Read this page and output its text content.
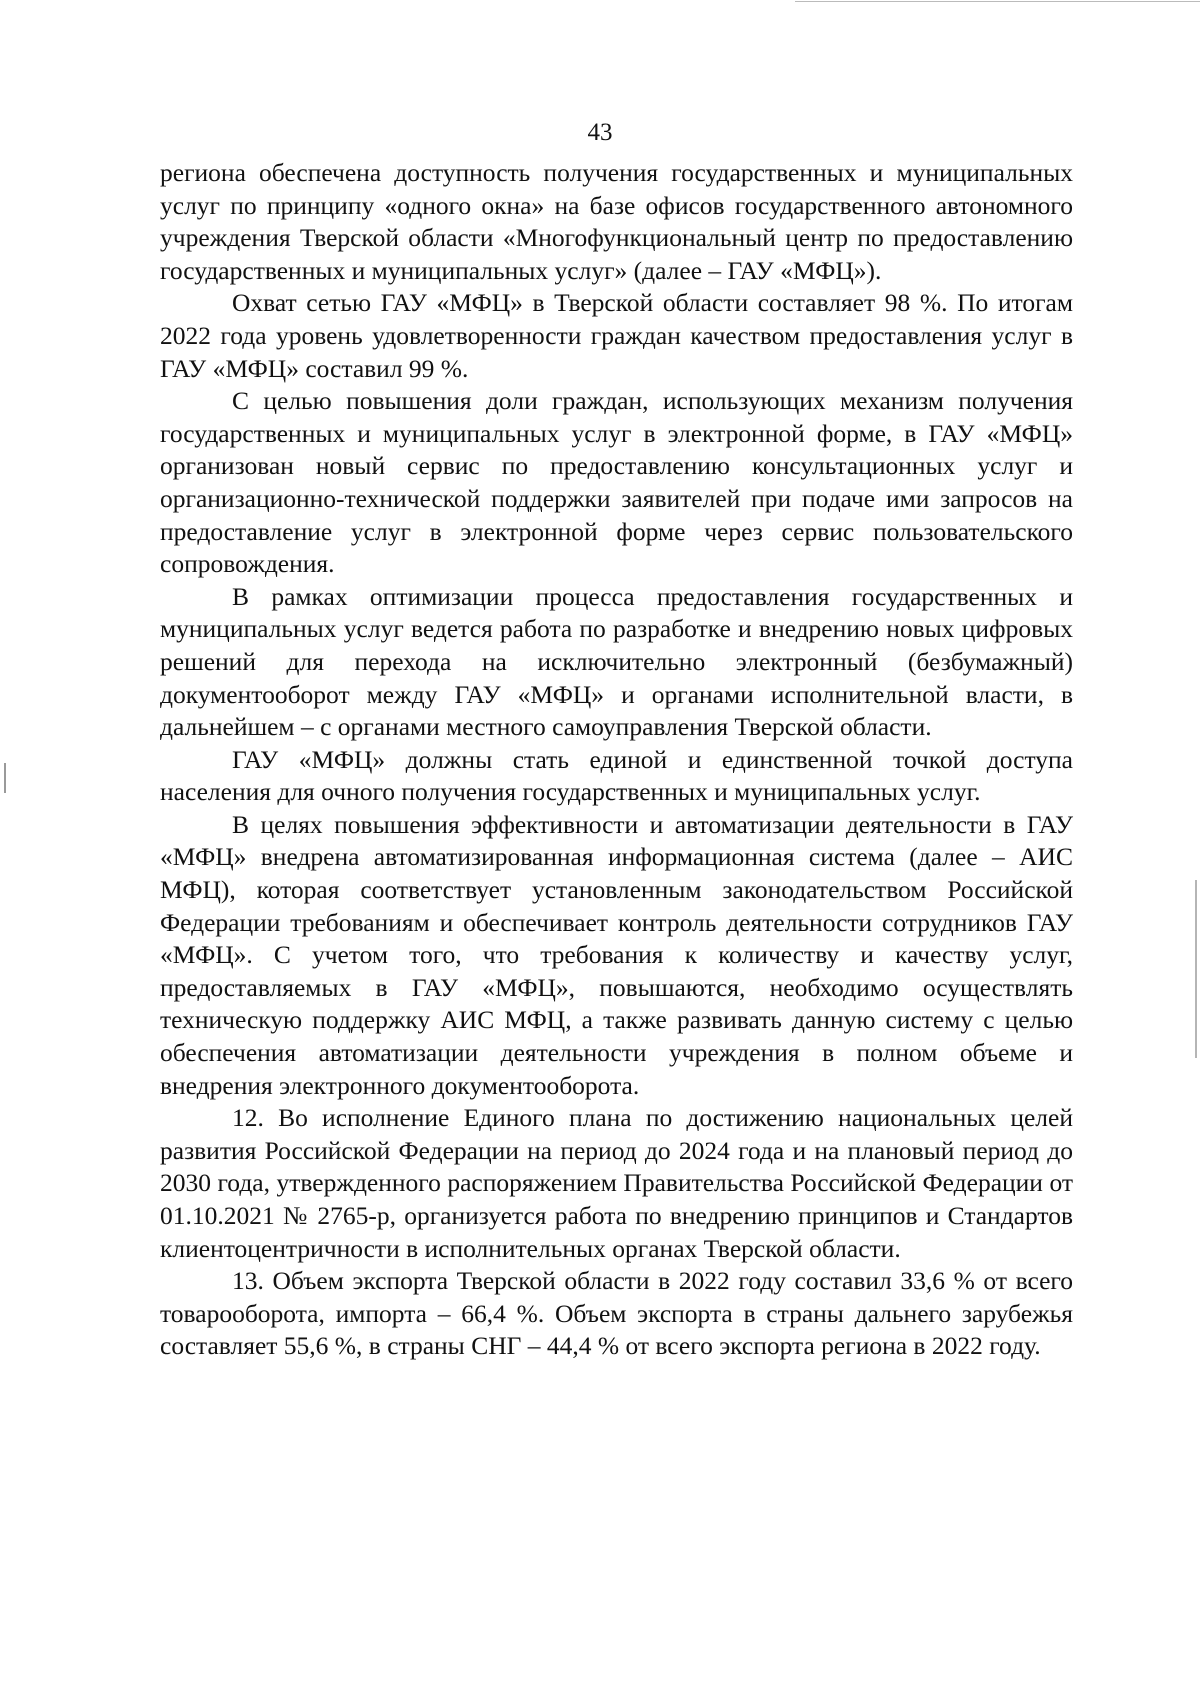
43

региона обеспечена доступность получения государственных и муниципальных услуг по принципу «одного окна» на базе офисов государственного автономного учреждения Тверской области «Многофункциональный центр по предоставлению государственных и муниципальных услуг» (далее – ГАУ «МФЦ»).

Охват сетью ГАУ «МФЦ» в Тверской области составляет 98 %. По итогам 2022 года уровень удовлетворенности граждан качеством предоставления услуг в ГАУ «МФЦ» составил 99 %.

С целью повышения доли граждан, использующих механизм получения государственных и муниципальных услуг в электронной форме, в ГАУ «МФЦ» организован новый сервис по предоставлению консультационных услуг и организационно-технической поддержки заявителей при подаче ими запросов на предоставление услуг в электронной форме через сервис пользовательского сопровождения.

В рамках оптимизации процесса предоставления государственных и муниципальных услуг ведется работа по разработке и внедрению новых цифровых решений для перехода на исключительно электронный (безбумажный) документооборот между ГАУ «МФЦ» и органами исполнительной власти, в дальнейшем – с органами местного самоуправления Тверской области.

ГАУ «МФЦ» должны стать единой и единственной точкой доступа населения для очного получения государственных и муниципальных услуг.

В целях повышения эффективности и автоматизации деятельности в ГАУ «МФЦ» внедрена автоматизированная информационная система (далее – АИС МФЦ), которая соответствует установленным законодательством Российской Федерации требованиям и обеспечивает контроль деятельности сотрудников ГАУ «МФЦ». С учетом того, что требования к количеству и качеству услуг, предоставляемых в ГАУ «МФЦ», повышаются, необходимо осуществлять техническую поддержку АИС МФЦ, а также развивать данную систему с целью обеспечения автоматизации деятельности учреждения в полном объеме и внедрения электронного документооборота.

12. Во исполнение Единого плана по достижению национальных целей развития Российской Федерации на период до 2024 года и на плановый период до 2030 года, утвержденного распоряжением Правительства Российской Федерации от 01.10.2021 № 2765-р, организуется работа по внедрению принципов и Стандартов клиентоцентричности в исполнительных органах Тверской области.

13. Объем экспорта Тверской области в 2022 году составил 33,6 % от всего товарооборота, импорта – 66,4 %. Объем экспорта в страны дальнего зарубежья составляет 55,6 %, в страны СНГ – 44,4 % от всего экспорта региона в 2022 году.
